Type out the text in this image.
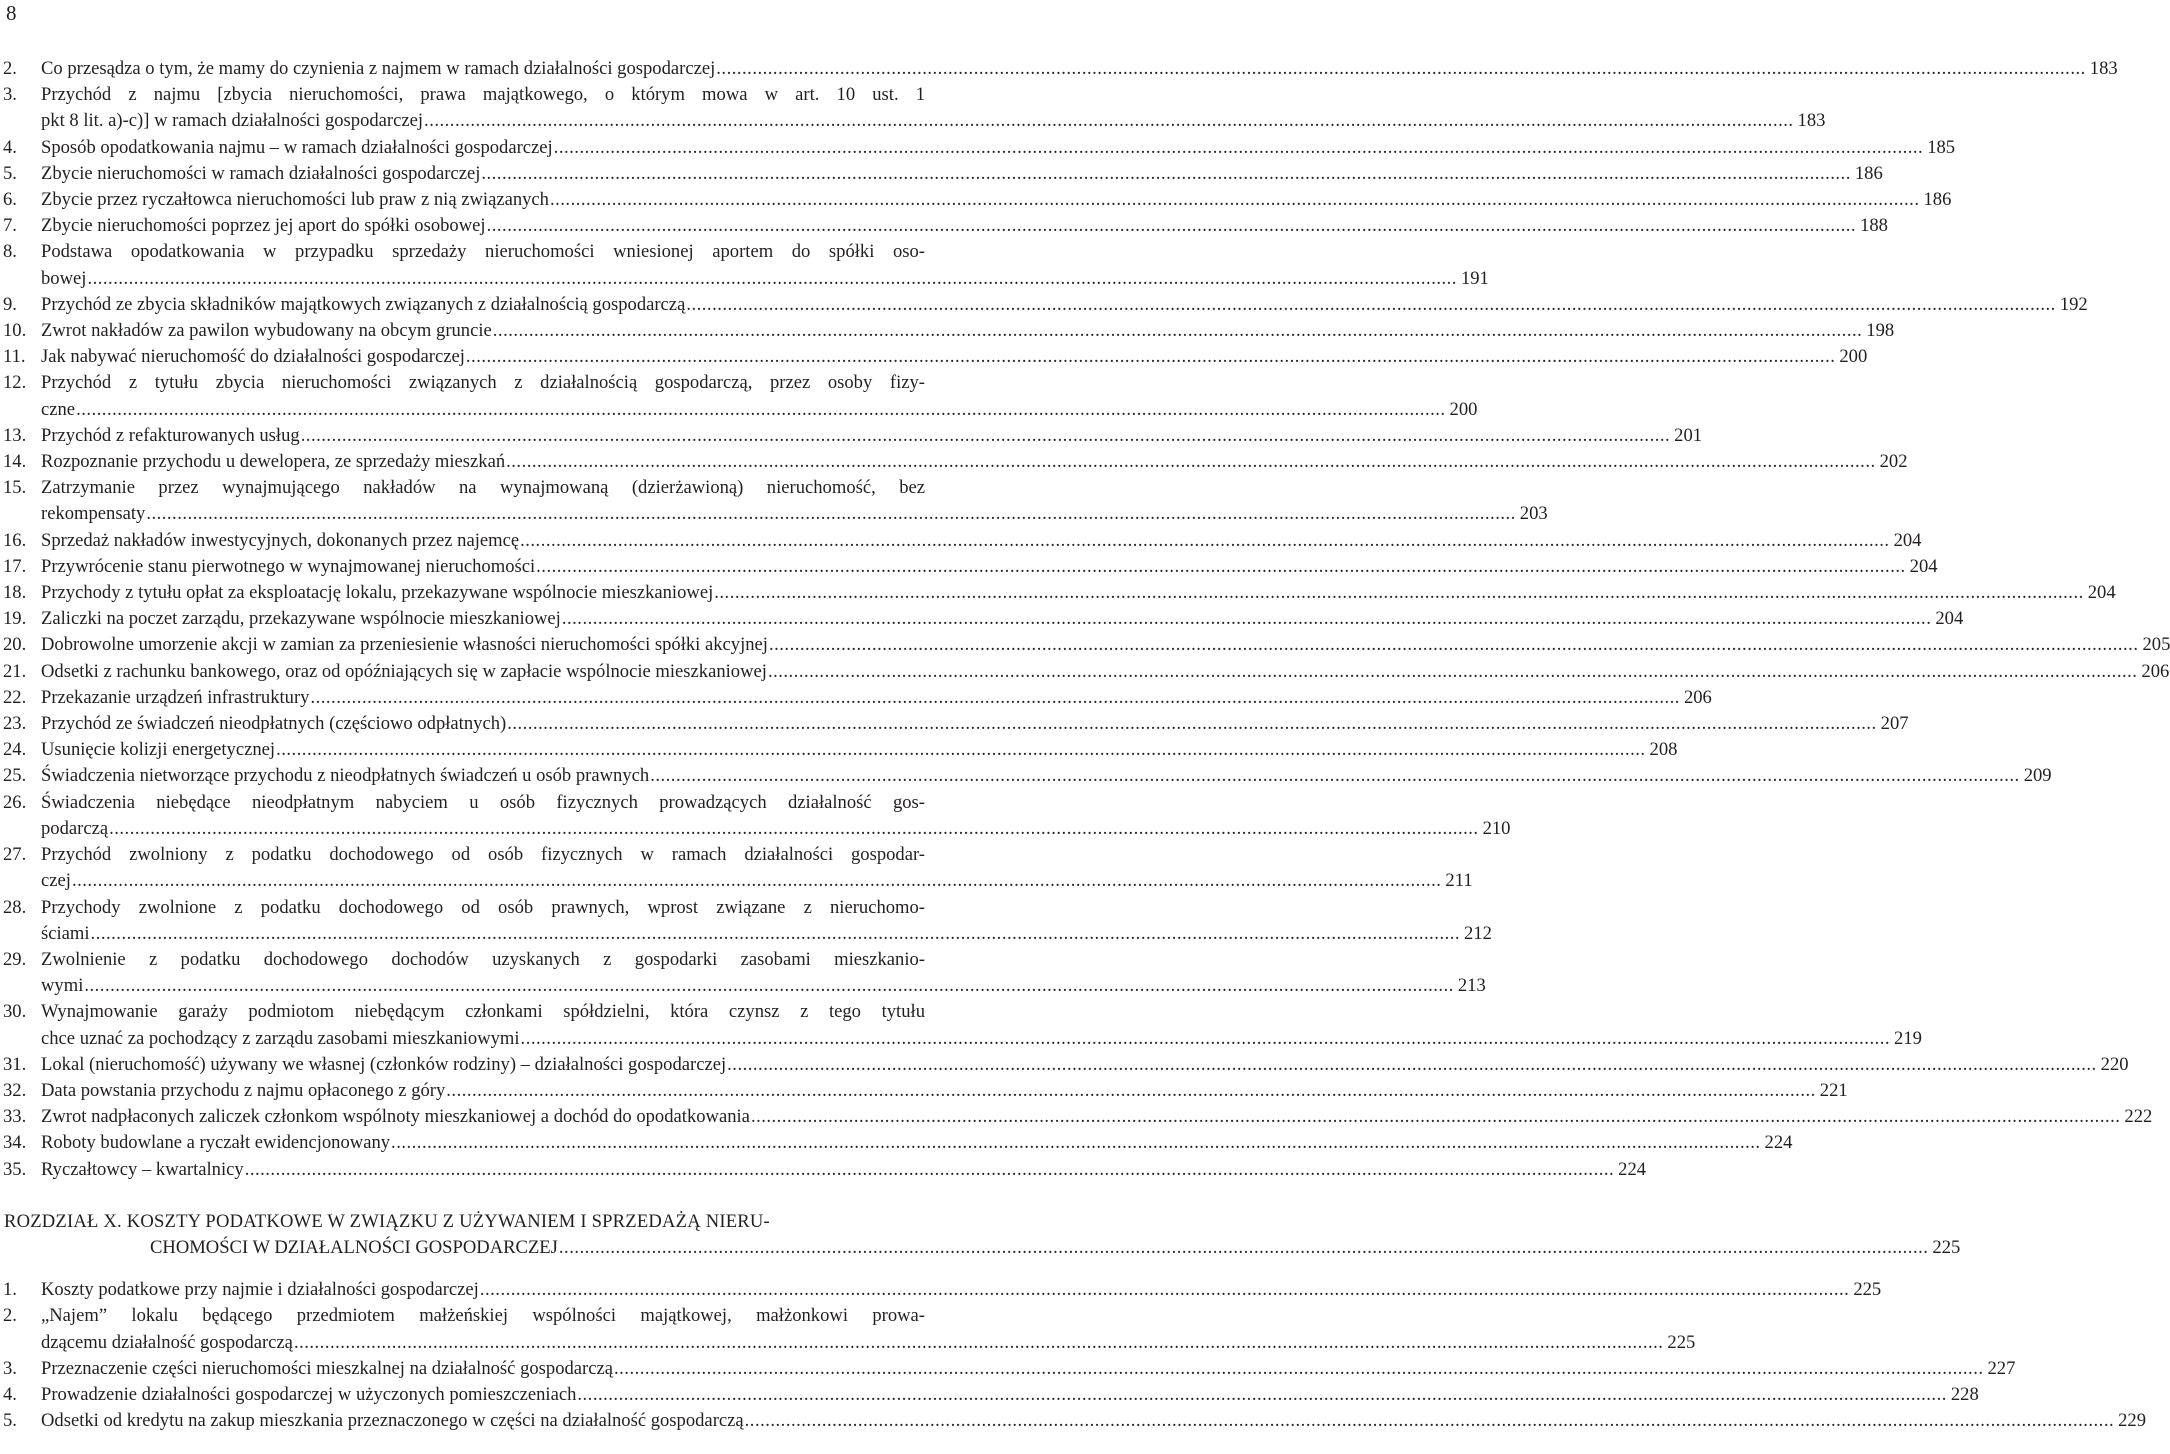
8
2.	Co przesądza o tym, że mamy do czynienia z najmem w ramach działalności gospodarczej .......................................................................................................................................................................................................................................................................... 183
3.	Przychód z najmu [zbycia nieruchomości, prawa majątkowego, o którym mowa w art. 10 ust. 1
pkt 8 lit. a)-c)] w ramach działalności gospodarczej .......................................................................................................................................................................................................................................................................... 183
4.	Sposób opodatkowania najmu – w ramach działalności gospodarczej .......................................................................................................................................................................................................................................................................... 185
5.	Zbycie nieruchomości w ramach działalności gospodarczej .......................................................................................................................................................................................................................................................................... 186
6.	Zbycie przez ryczałtowca nieruchomości lub praw z nią związanych .......................................................................................................................................................................................................................................................................... 186
7.	Zbycie nieruchomości poprzez jej aport do spółki osobowej .......................................................................................................................................................................................................................................................................... 188
8.	Podstawa opodatkowania w przypadku sprzedaży nieruchomości wniesionej aportem do spółki oso-
bowej .......................................................................................................................................................................................................................................................................... 191
9.	Przychód ze zbycia składników majątkowych związanych z działalnością gospodarczą .......................................................................................................................................................................................................................................................................... 192
10. Zwrot nakładów za pawilon wybudowany na obcym gruncie .......................................................................................................................................................................................................................................................................... 198
11. Jak nabywać nieruchomość do działalności gospodarczej .......................................................................................................................................................................................................................................................................... 200
12. Przychód z tytułu zbycia nieruchomości związanych z działalnością gospodarczą, przez osoby fizy-
czne .......................................................................................................................................................................................................................................................................... 200
13. Przychód z refakturowanych usług .......................................................................................................................................................................................................................................................................... 201
14. Rozpoznanie przychodu u dewelopera, ze sprzedaży mieszkań .......................................................................................................................................................................................................................................................................... 202
15. Zatrzymanie przez wynajmującego nakładów na wynajmowaną (dzierżawioną) nieruchomość, bez
rekompensaty .......................................................................................................................................................................................................................................................................... 203
16. Sprzedaż nakładów inwestycyjnych, dokonanych przez najemcę .......................................................................................................................................................................................................................................................................... 204
17. Przywrócenie stanu pierwotnego w wynajmowanej nieruchomości .......................................................................................................................................................................................................................................................................... 204
18. Przychody z tytułu opłat za eksploatację lokalu, przekazywane wspólnocie mieszkaniowej .......................................................................................................................................................................................................................................................................... 204
19. Zaliczki na poczet zarządu, przekazywane wspólnocie mieszkaniowej .......................................................................................................................................................................................................................................................................... 204
20. Dobrowolne umorzenie akcji w zamian za przeniesienie własności nieruchomości spółki akcyjnej .......................................................................................................................................................................................................................................................................... 205
21. Odsetki z rachunku bankowego, oraz od opóźniających się w zapłacie wspólnocie mieszkaniowej .......................................................................................................................................................................................................................................................................... 206
22. Przekazanie urządzeń infrastruktury .......................................................................................................................................................................................................................................................................... 206
23. Przychód ze świadczeń nieodpłatnych (częściowo odpłatnych) .......................................................................................................................................................................................................................................................................... 207
24. Usunięcie kolizji energetycznej .......................................................................................................................................................................................................................................................................... 208
25. Świadczenia nietworzące przychodu z nieodpłatnych świadczeń u osób prawnych .......................................................................................................................................................................................................................................................................... 209
26. Świadczenia niebędące nieodpłatnym nabyciem u osób fizycznych prowadzących działalność gos-
podarczą .......................................................................................................................................................................................................................................................................... 210
27. Przychód zwolniony z podatku dochodowego od osób fizycznych w ramach działalności gospodar-
czej .......................................................................................................................................................................................................................................................................... 211
28. Przychody zwolnione z podatku dochodowego od osób prawnych, wprost związane z nieruchomo-
ściami .......................................................................................................................................................................................................................................................................... 212
29. Zwolnienie z podatku dochodowego dochodów uzyskanych z gospodarki zasobami mieszkanio-
wymi .......................................................................................................................................................................................................................................................................... 213
30. Wynajmowanie garaży podmiotom niebędącym członkami spółdzielni, która czynsz z tego tytułu
chce uznać za pochodzący z zarządu zasobami mieszkaniowymi .......................................................................................................................................................................................................................................................................... 219
31. Lokal (nieruchomość) używany we własnej (członków rodziny) – działalności gospodarczej .......................................................................................................................................................................................................................................................................... 220
32. Data powstania przychodu z najmu opłaconego z góry .......................................................................................................................................................................................................................................................................... 221
33. Zwrot nadpłaconych zaliczek członkom wspólnoty mieszkaniowej a dochód do opodatkowania .......................................................................................................................................................................................................................................................................... 222
34. Roboty budowlane a ryczałt ewidencjonowany .......................................................................................................................................................................................................................................................................... 224
35. Ryczałtowcy – kwartalnicy .......................................................................................................................................................................................................................................................................... 224
ROZDZIAŁ X. KOSZTY PODATKOWE W ZWIĄZKU Z UŻYWANIEM I SPRZEDAŻĄ NIERU-
CHOMOŚCI W DZIAŁALNOŚCI GOSPODARCZEJ .......................................................................................................................................................................................................................................................................... 225
1.	Koszty podatkowe przy najmie i działalności gospodarczej .......................................................................................................................................................................................................................................................................... 225
2.	„Najem” lokalu będącego przedmiotem małżeńskiej wspólności majątkowej, małżonkowi prowa-
dzącemu działalność gospodarczą .......................................................................................................................................................................................................................................................................... 225
3.	Przeznaczenie części nieruchomości mieszkalnej na działalność gospodarczą .......................................................................................................................................................................................................................................................................... 227
4.	Prowadzenie działalności gospodarczej w użyczonych pomieszczeniach .......................................................................................................................................................................................................................................................................... 228
5.	Odsetki od kredytu na zakup mieszkania przeznaczonego w części na działalność gospodarczą .......................................................................................................................................................................................................................................................................... 229
